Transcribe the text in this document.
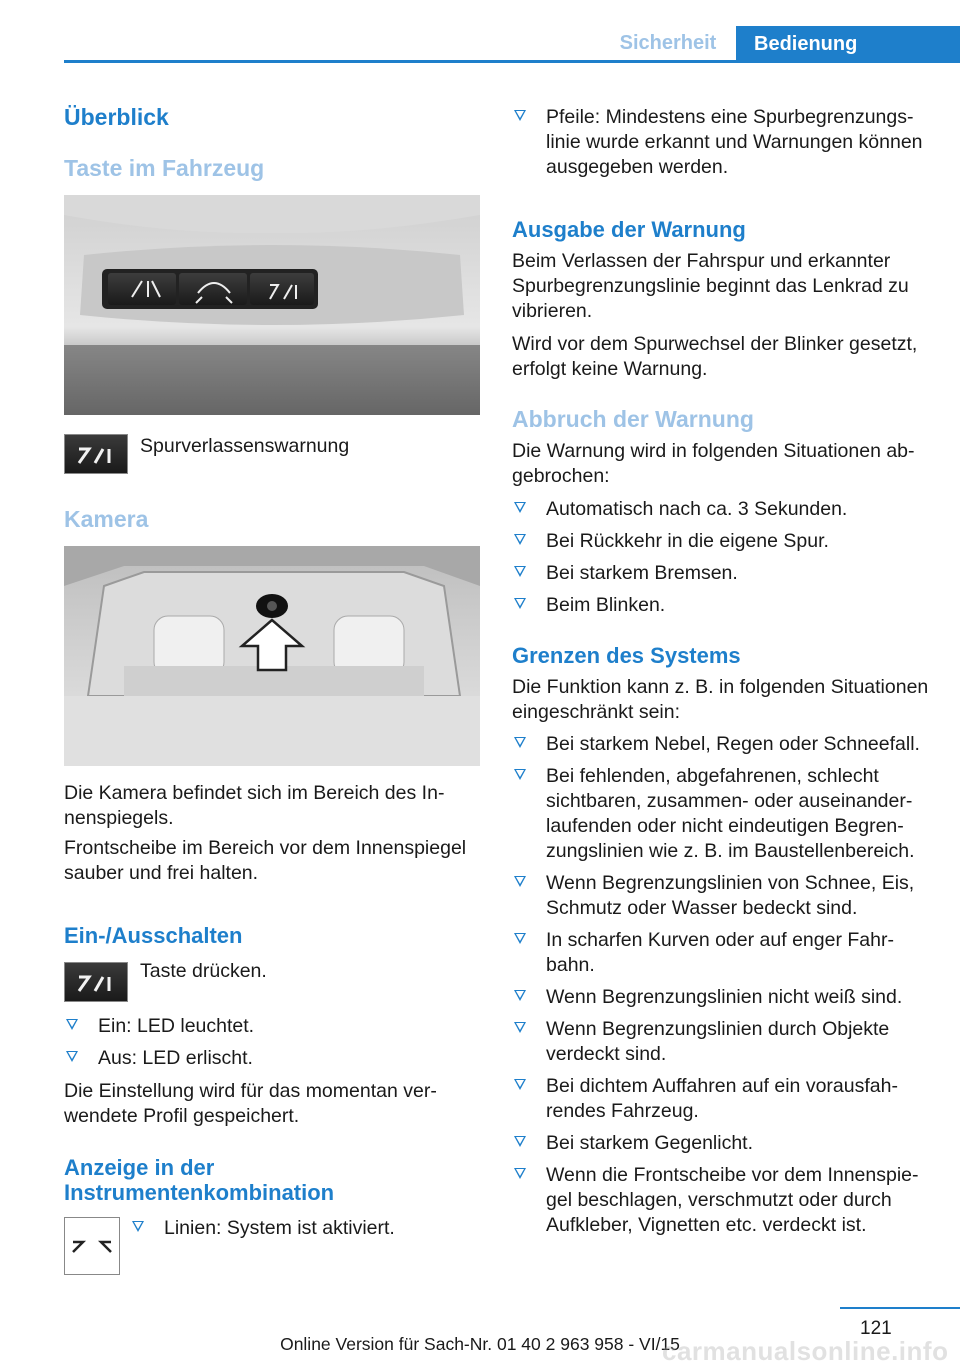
Sicherheit	Bedienung
Überblick
Taste im Fahrzeug
Spurverlassenswarnung
Kamera
Die Kamera befindet sich im Bereich des Innenspiegels.
Frontscheibe im Bereich vor dem Innenspiegel sauber und frei halten.
Ein-/Ausschalten
Taste drücken.
Ein: LED leuchtet.
Aus: LED erlischt.
Die Einstellung wird für das momentan verwendete Profil gespeichert.
Anzeige in der Instrumentenkombination
Linien: System ist aktiviert.
Pfeile: Mindestens eine Spurbegrenzungslinie wurde erkannt und Warnungen können ausgegeben werden.
Ausgabe der Warnung
Beim Verlassen der Fahrspur und erkannter Spurbegrenzungslinie beginnt das Lenkrad zu vibrieren.
Wird vor dem Spurwechsel der Blinker gesetzt, erfolgt keine Warnung.
Abbruch der Warnung
Die Warnung wird in folgenden Situationen abgebrochen:
Automatisch nach ca. 3 Sekunden.
Bei Rückkehr in die eigene Spur.
Bei starkem Bremsen.
Beim Blinken.
Grenzen des Systems
Die Funktion kann z. B. in folgenden Situationen eingeschränkt sein:
Bei starkem Nebel, Regen oder Schneefall.
Bei fehlenden, abgefahrenen, schlecht sichtbaren, zusammen- oder auseinanderlaufenden oder nicht eindeutigen Begrenzungslinien wie z. B. im Baustellenbereich.
Wenn Begrenzungslinien von Schnee, Eis, Schmutz oder Wasser bedeckt sind.
In scharfen Kurven oder auf enger Fahrbahn.
Wenn Begrenzungslinien nicht weiß sind.
Wenn Begrenzungslinien durch Objekte verdeckt sind.
Bei dichtem Auffahren auf ein vorausfahrendes Fahrzeug.
Bei starkem Gegenlicht.
Wenn die Frontscheibe vor dem Innenspiegel beschlagen, verschmutzt oder durch Aufkleber, Vignetten etc. verdeckt ist.
121
Online Version für Sach-Nr. 01 40 2 963 958 - VI/15
carmanualsonline.info
